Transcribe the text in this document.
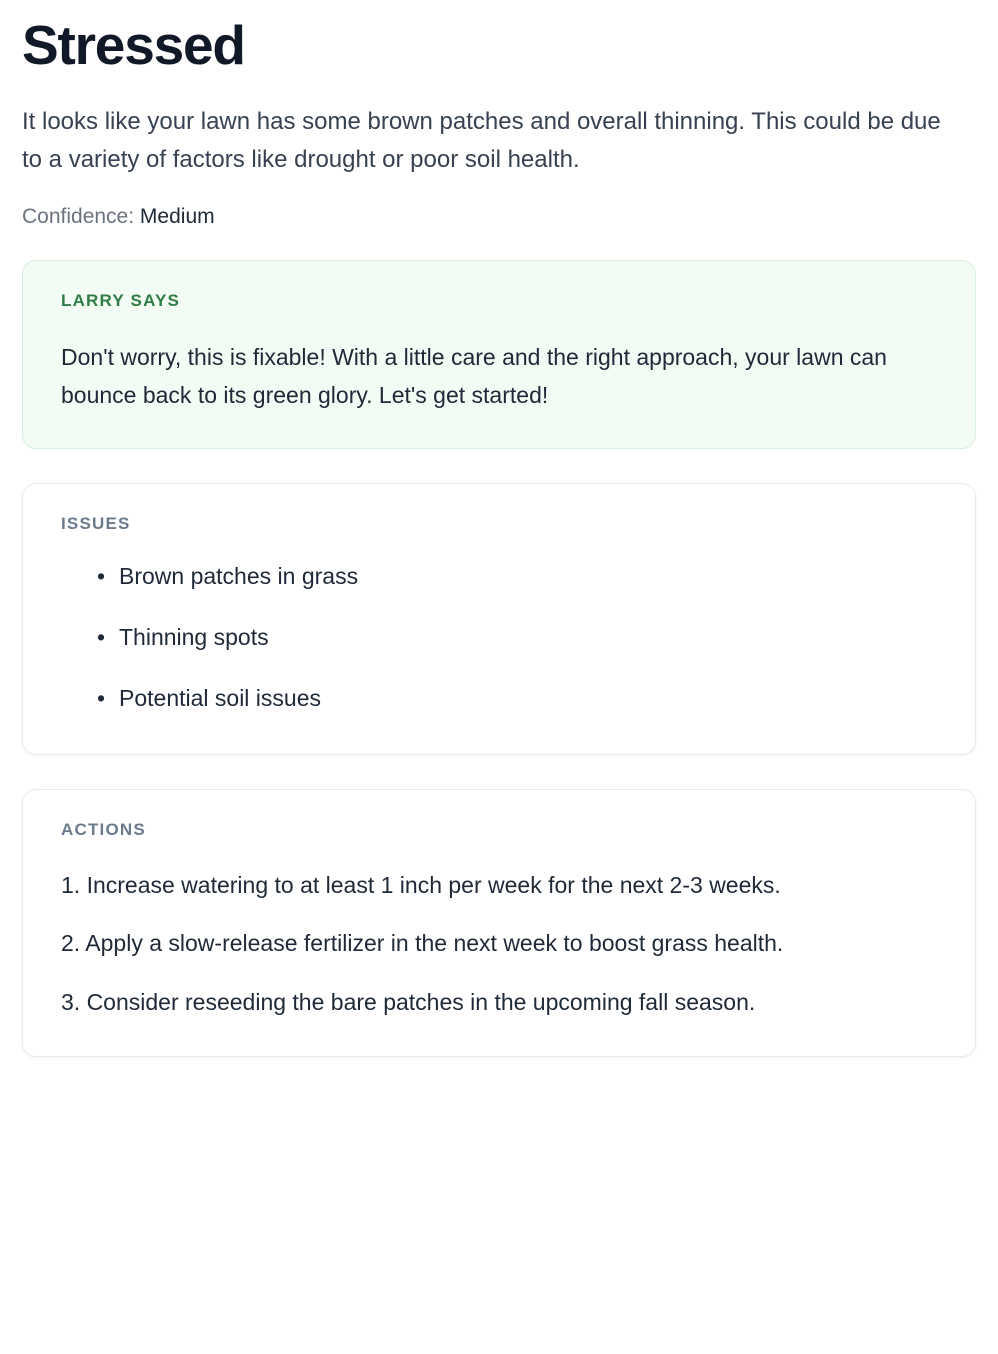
Stressed

It looks like your lawn has some brown patches and overall thinning. This could be due to a variety of factors like drought or poor soil health.

Confidence: Medium

LARRY SAYS

Don't worry, this is fixable! With a little care and the right approach, your lawn can bounce back to its green glory. Let's get started!

ISSUES
• Brown patches in grass
• Thinning spots
• Potential soil issues
ACTIONS

1. Increase watering to at least 1 inch per week for the next 2-3 weeks.

2. Apply a slow-release fertilizer in the next week to boost grass health.

3. Consider reseeding the bare patches in the upcoming fall season.
